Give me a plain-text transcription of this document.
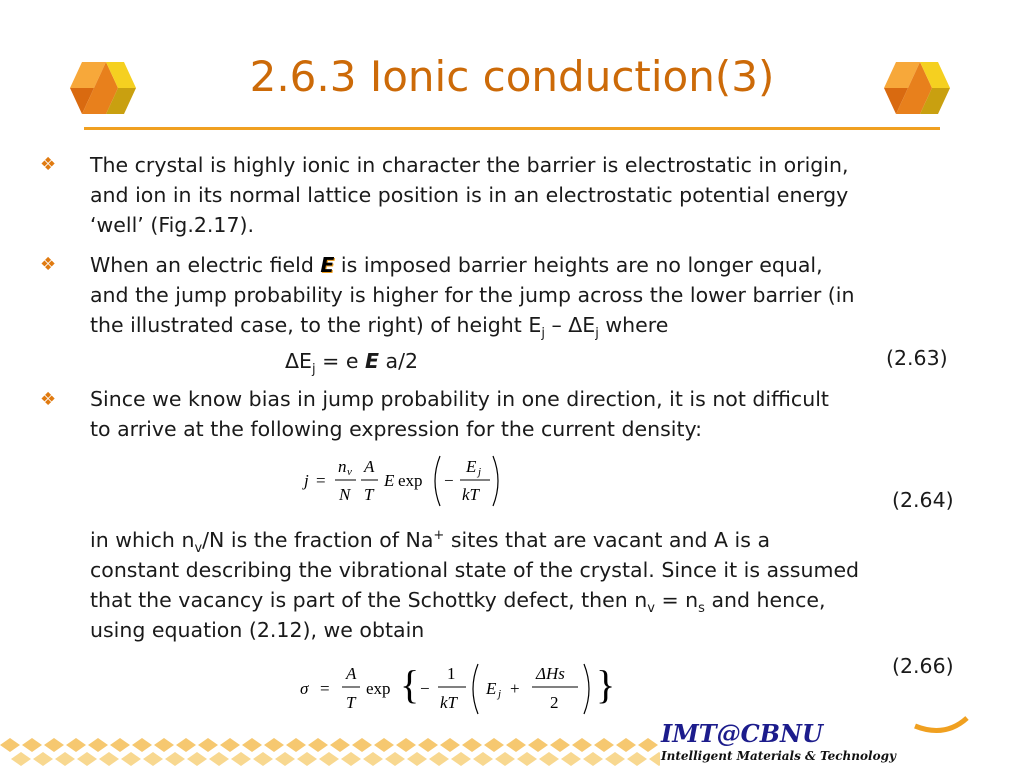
2.6.3 Ionic conduction(3)
❖ The crystal is highly ionic in character the barrier is electrostatic in origin,
and ion in its normal lattice position is in an electrostatic potential energy
‘well’ (Fig.2.17).
❖ When an electric field E is imposed barrier heights are no longer equal,
and the jump probability is higher for the jump across the lower barrier (in
the illustrated case, to the right) of height $E_j - \Delta E_j$ where
$\Delta E_j = e$ E a/2	(2.63)
❖ Since we know bias in jump probability in one direction, it is not difficult
to arrive at the following expression for the current density:
j =
n v
N
A
T
E exp −
E j
kT	(2.64)
in which $n_v/N$ is the fraction of Na+ sites that are vacant and A is a
constant describing the vibrational state of the crystal. Since it is assumed
that the vacancy is part of the Schottky defect, then $n_v = n_s$ and hence,
using equation (2.12), we obtain
σ =
A
T
exp { −
1
kT
E j +
ΔHs
2 }	(2.66)
IMT@CBNU
Intelligent Materials & Technology
